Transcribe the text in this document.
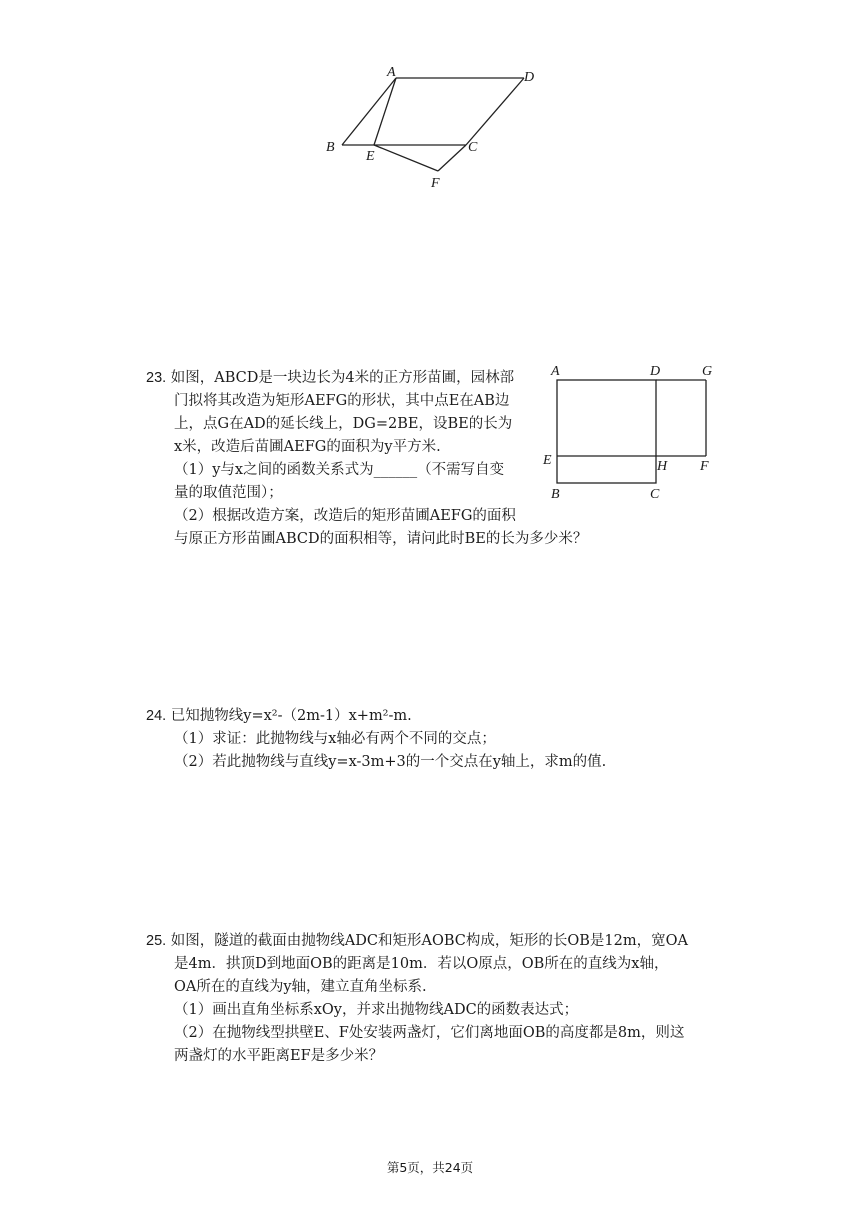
A	D
B
E
C
F
23. 如图，ABCD是一块边长为4米的正方形苗圃，园林部
门拟将其改造为矩形AEFG的形状，其中点E在AB边
上，点G在AD的延长线上，DG=2BE，设BE的长为
x米，改造后苗圃AEFG的面积为y平方米.
（1）y与x之间的函数关系式为______（不需写自变
量的取值范围）；
（2）根据改造方案，改造后的矩形苗圃AEFG的面积
与原正方形苗圃ABCD的面积相等，请问此时BE的长为多少米？
A	D	G
E	H F
B	C
24. 已知抛物线y=x²-（2m-1）x+m²-m.
（1）求证：此抛物线与x轴必有两个不同的交点；
（2）若此抛物线与直线y=x-3m+3的一个交点在y轴上，求m的值.
25. 如图，隧道的截面由抛物线ADC和矩形AOBC构成，矩形的长OB是12m，宽OA
是4m．拱顶D到地面OB的距离是10m．若以O原点，OB所在的直线为x轴，
OA所在的直线为y轴，建立直角坐标系.
（1）画出直角坐标系xOy，并求出抛物线ADC的函数表达式；
（2）在抛物线型拱壁E、F处安装两盏灯，它们离地面OB的高度都是8m，则这
两盏灯的水平距离EF是多少米？
第5页，共24页
